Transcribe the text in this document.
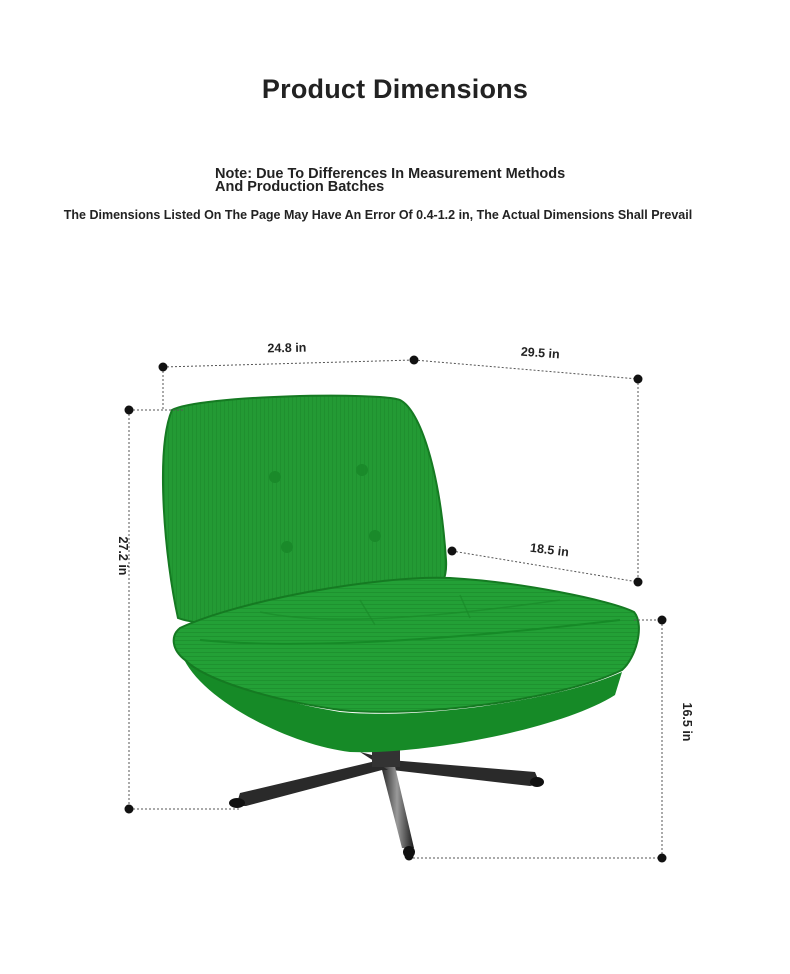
Product Dimensions
Note: Due To Differences In Measurement Methods
And Production Batches
The Dimensions Listed On The Page May Have An Error Of 0.4-1.2 in, The Actual Dimensions Shall Prevail
24.8 in	29.5 in
18.5 in
27.2 in
16.5 in
